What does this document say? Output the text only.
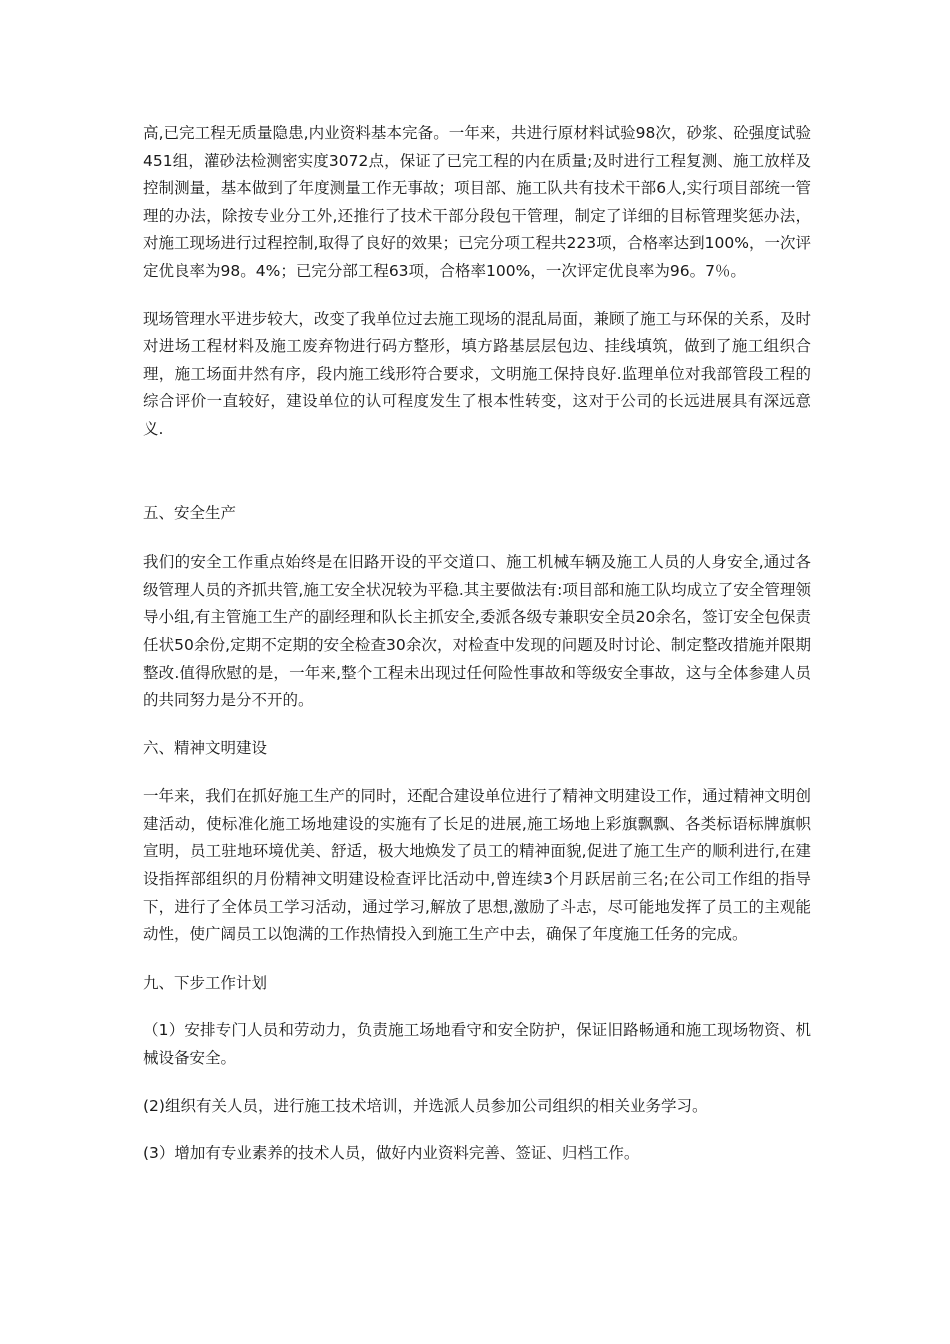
高,已完工程无质量隐患,内业资料基本完备。一年来，共进行原材料试验98次，砂浆、砼强度试验451组，灌砂法检测密实度3072点，保证了已完工程的内在质量;及时进行工程复测、施工放样及控制测量，基本做到了年度测量工作无事故；项目部、施工队共有技术干部6人,实行项目部统一管理的办法，除按专业分工外,还推行了技术干部分段包干管理，制定了详细的目标管理奖惩办法，对施工现场进行过程控制,取得了良好的效果；已完分项工程共223项，合格率达到100%，一次评定优良率为98。4%；已完分部工程63项，合格率100%，一次评定优良率为96。7％。

现场管理水平进步较大，改变了我单位过去施工现场的混乱局面，兼顾了施工与环保的关系，及时对进场工程材料及施工废弃物进行码方整形，填方路基层层包边、挂线填筑，做到了施工组织合理，施工场面井然有序，段内施工线形符合要求，文明施工保持良好.监理单位对我部管段工程的综合评价一直较好，建设单位的认可程度发生了根本性转变，这对于公司的长远进展具有深远意义.

五、安全生产

我们的安全工作重点始终是在旧路开设的平交道口、施工机械车辆及施工人员的人身安全,通过各级管理人员的齐抓共管,施工安全状况较为平稳.其主要做法有:项目部和施工队均成立了安全管理领导小组,有主管施工生产的副经理和队长主抓安全,委派各级专兼职安全员20余名，签订安全包保责任状50余份,定期不定期的安全检查30余次，对检查中发现的问题及时讨论、制定整改措施并限期整改.值得欣慰的是，一年来,整个工程未出现过任何险性事故和等级安全事故，这与全体参建人员的共同努力是分不开的。

六、精神文明建设

一年来，我们在抓好施工生产的同时，还配合建设单位进行了精神文明建设工作，通过精神文明创建活动，使标准化施工场地建设的实施有了长足的进展,施工场地上彩旗飘飘、各类标语标牌旗帜宣明，员工驻地环境优美、舒适，极大地焕发了员工的精神面貌,促进了施工生产的顺利进行,在建设指挥部组织的月份精神文明建设检查评比活动中,曾连续3个月跃居前三名;在公司工作组的指导下，进行了全体员工学习活动，通过学习,解放了思想,激励了斗志，尽可能地发挥了员工的主观能动性，使广阔员工以饱满的工作热情投入到施工生产中去，确保了年度施工任务的完成。

九、下步工作计划

（1）安排专门人员和劳动力，负责施工场地看守和安全防护，保证旧路畅通和施工现场物资、机械设备安全。

(2)组织有关人员，进行施工技术培训，并选派人员参加公司组织的相关业务学习。

(3）增加有专业素养的技术人员，做好内业资料完善、签证、归档工作。
